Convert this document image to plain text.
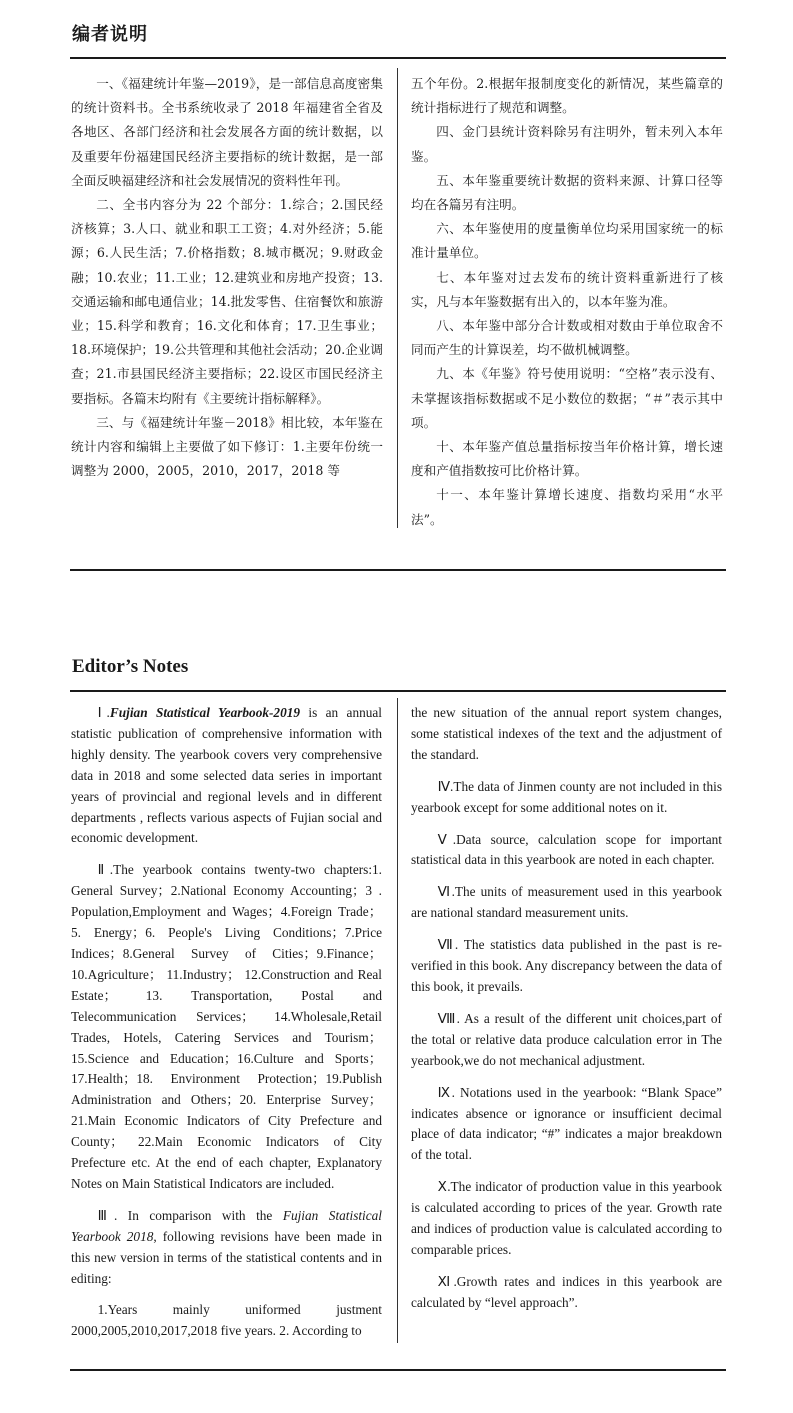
编者说明

一、《福建统计年鉴—2019》，是一部信息高度密集的统计资料书。全书系统收录了 2018 年福建省全省及各地区、各部门经济和社会发展各方面的统计数据，以及重要年份福建国民经济主要指标的统计数据，是一部全面反映福建经济和社会发展情况的资料性年刊。

二、全书内容分为 22 个部分：1.综合；2.国民经济核算；3.人口、就业和职工工资；4.对外经济；5.能源；6.人民生活；7.价格指数；8.城市概况；9.财政金融；10.农业；11.工业；12.建筑业和房地产投资；13.交通运输和邮电通信业；14.批发零售、住宿餐饮和旅游业；15.科学和教育；16.文化和体育；17.卫生事业；18.环境保护；19.公共管理和其他社会活动；20.企业调查；21.市县国民经济主要指标；22.设区市国民经济主要指标。各篇末均附有《主要统计指标解释》。

三、与《福建统计年鉴－2018》相比较，本年鉴在统计内容和编辑上主要做了如下修订：1.主要年份统一调整为 2000，2005，2010，2017，2018 等

五个年份。2.根据年报制度变化的新情况，某些篇章的统计指标进行了规范和调整。

四、金门县统计资料除另有注明外，暂未列入本年鉴。

五、本年鉴重要统计数据的资料来源、计算口径等均在各篇另有注明。

六、本年鉴使用的度量衡单位均采用国家统一的标准计量单位。

七、本年鉴对过去发布的统计资料重新进行了核实，凡与本年鉴数据有出入的，以本年鉴为准。

八、本年鉴中部分合计数或相对数由于单位取舍不同而产生的计算误差，均不做机械调整。

九、本《年鉴》符号使用说明：“空格”表示没有、未掌握该指标数据或不足小数位的数据；“＃”表示其中项。

十、本年鉴产值总量指标按当年价格计算，增长速度和产值指数按可比价格计算。

十一、本年鉴计算增长速度、指数均采用“水平法”。

Editor’s Notes

Ⅰ.Fujian Statistical Yearbook-2019 is an annual statistic publication of comprehensive information with highly density. The yearbook covers very comprehensive data in 2018 and some selected data series in important years of provincial and regional levels and in different departments , reflects various aspects of Fujian social and economic development.

Ⅱ.The yearbook contains twenty-two chapters:1. General Survey；2.National Economy Accounting；3 . Population,Employment and Wages；4.Foreign Trade；5. Energy；6. People's Living Conditions；7.Price Indices；8.General Survey of Cities；9.Finance；10.Agriculture； 11.Industry； 12.Construction and Real Estate； 13. Transportation, Postal and Telecommunication Services； 14.Wholesale,Retail Trades, Hotels, Catering Services and Tourism；15.Science and Education；16.Culture and Sports；17.Health；18. Environment Protection；19.Publish Administration and Others；20. Enterprise Survey；21.Main Economic Indicators of City Prefecture and County； 22.Main Economic Indicators of City Prefecture etc. At the end of each chapter, Explanatory Notes on Main Statistical Indicators are included.

Ⅲ. In comparison with the Fujian Statistical Yearbook 2018, following revisions have been made in this new version in terms of the statistical contents and in editing:

1.Years mainly uniformed justment 2000,2005,2010,2017,2018 five years. 2. According to

the new situation of the annual report system changes, some statistical indexes of the text and the adjustment of the standard.

Ⅳ.The data of Jinmen county are not included in this yearbook except for some additional notes on it.

Ⅴ.Data source, calculation scope for important statistical data in this yearbook are noted in each chapter.

Ⅵ.The units of measurement used in this yearbook are national standard measurement units.

Ⅶ. The statistics data published in the past is re-verified in this book. Any discrepancy between the data of this book, it prevails.

Ⅷ. As a result of the different unit choices,part of the total or relative data produce calculation error in The yearbook,we do not mechanical adjustment.

Ⅸ. Notations used in the yearbook: “Blank Space” indicates absence or ignorance or insufficient decimal place of data indicator; “#” indicates a major breakdown of the total.

Ⅹ.The indicator of production value in this yearbook is calculated according to prices of the year. Growth rate and indices of production value is calculated according to comparable prices.

Ⅺ.Growth rates and indices in this yearbook are calculated by “level approach”.
